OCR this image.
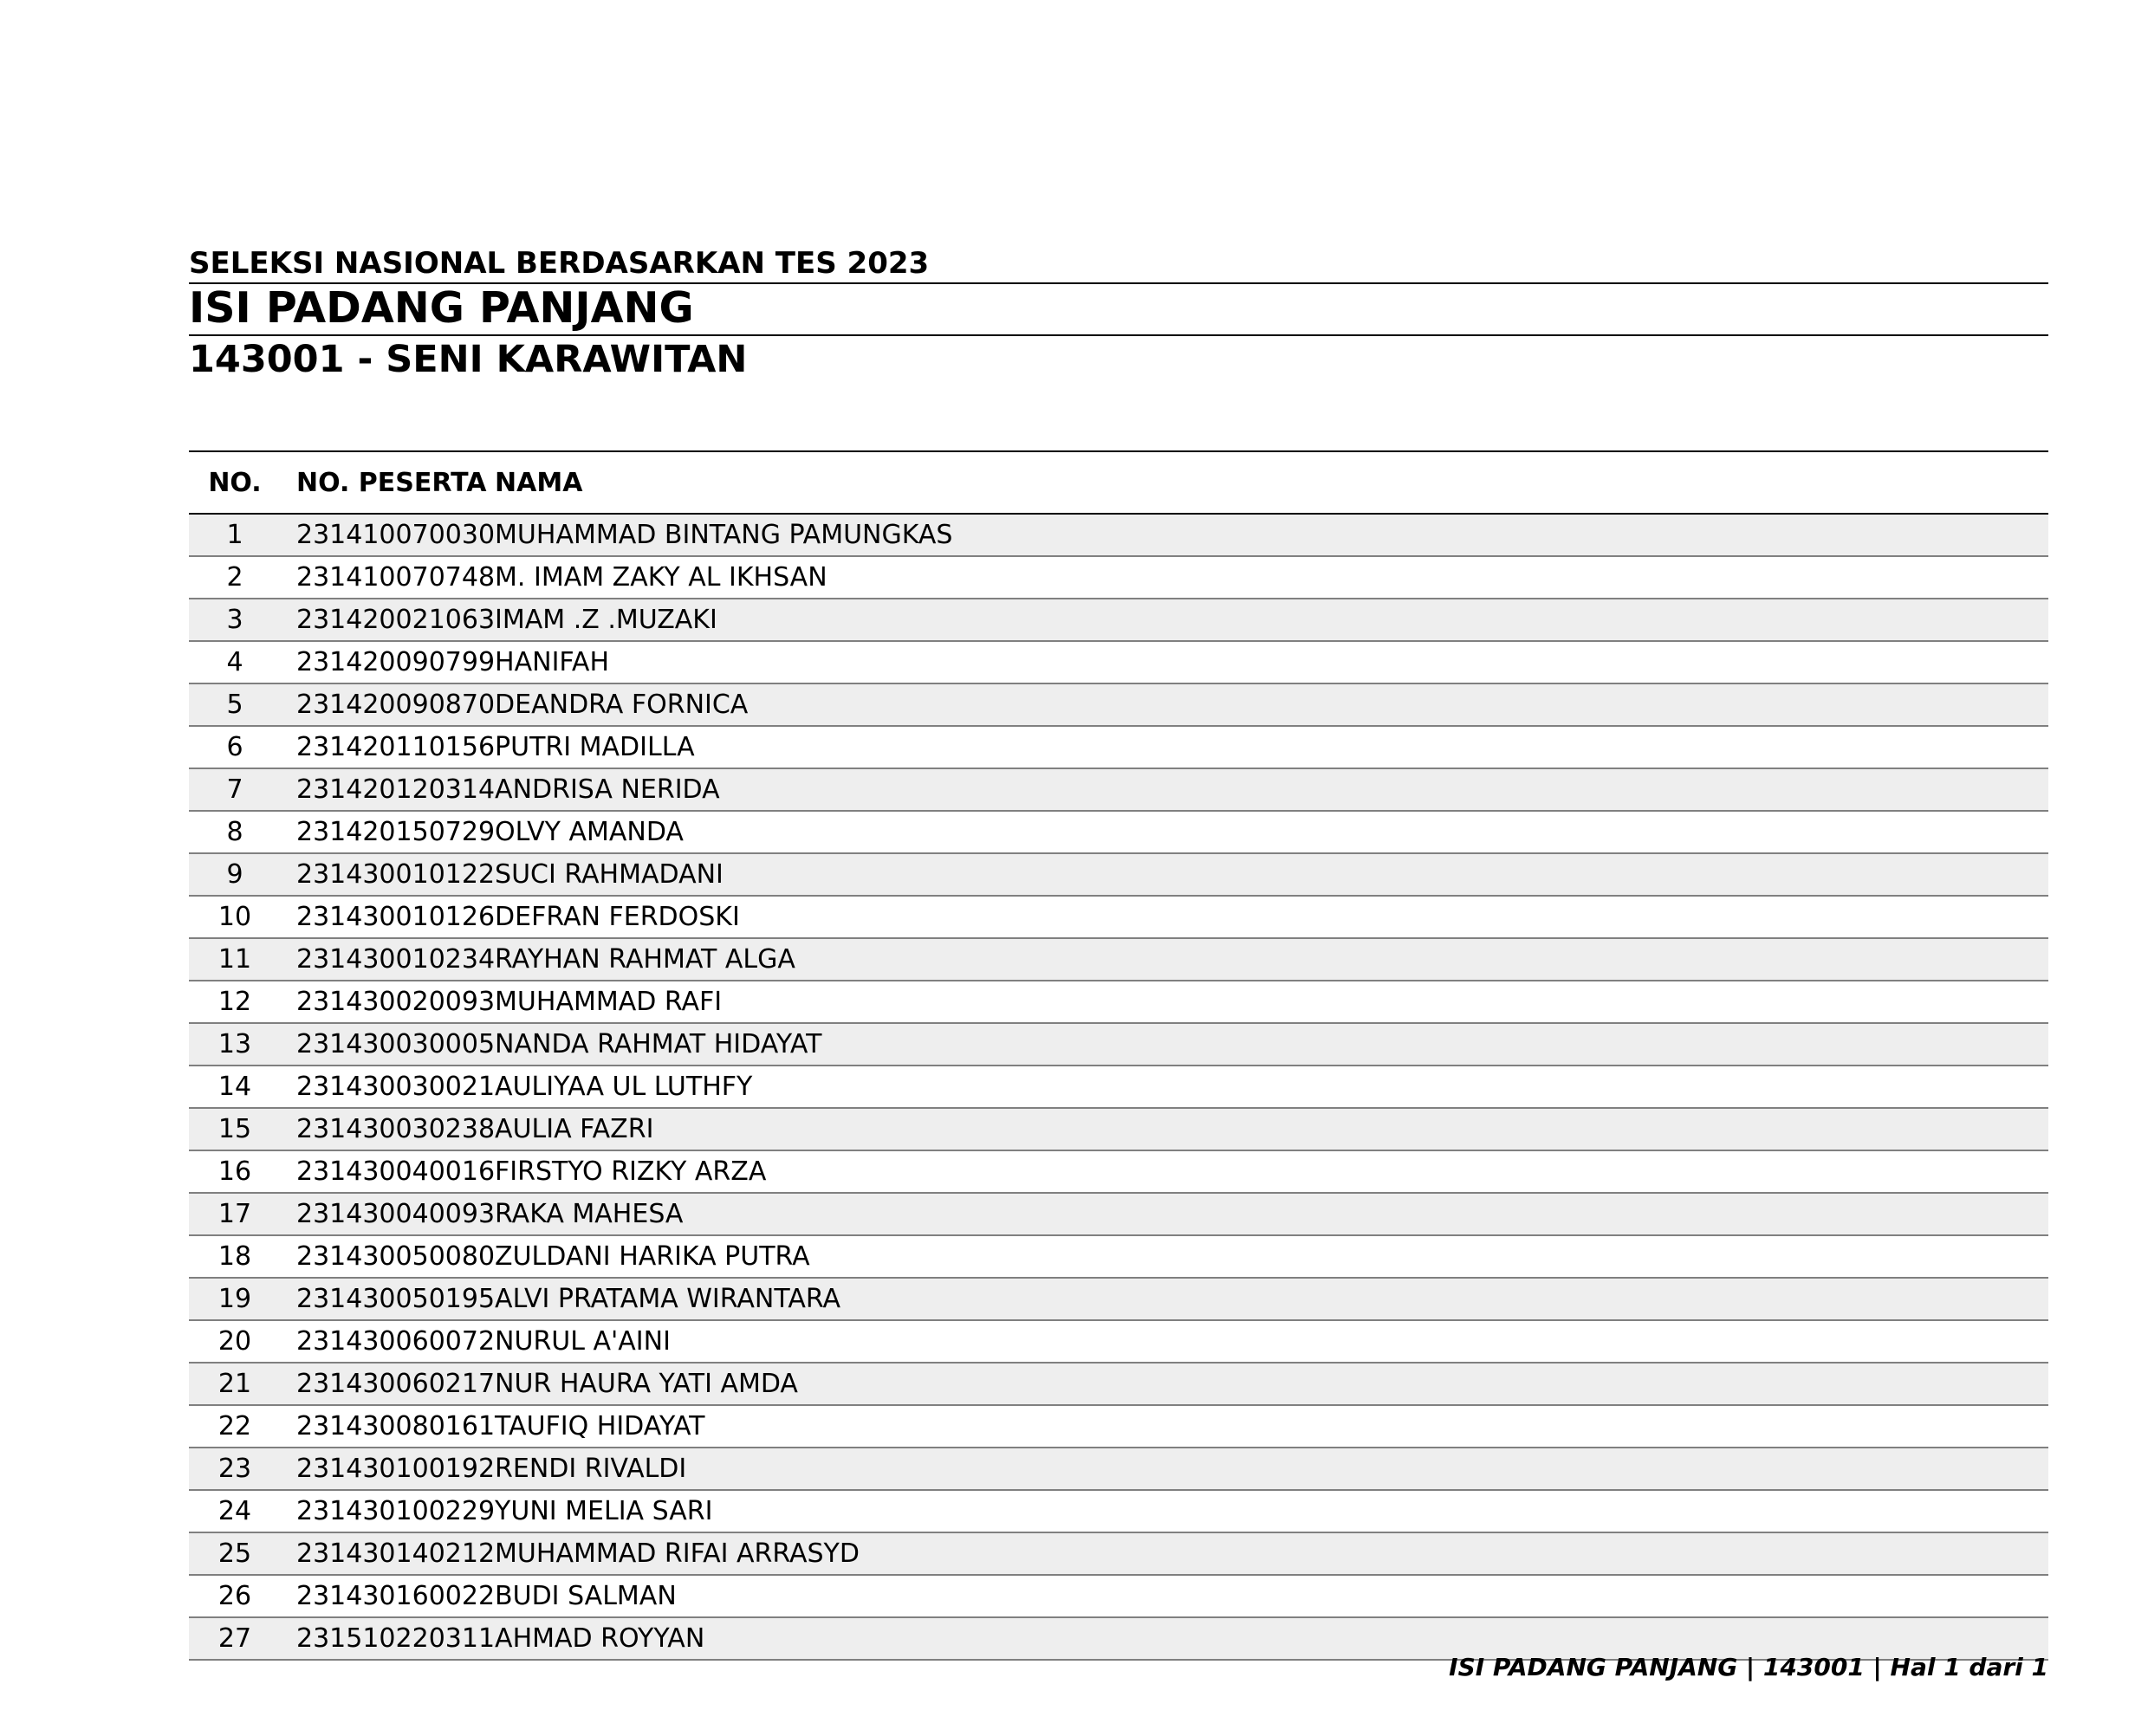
SELEKSI NASIONAL BERDASARKAN TES 2023
ISI PADANG PANJANG
143001 - SENI KARAWITAN
NO.	NO. PESERTA	NAMA
1	231410070030	MUHAMMAD BINTANG PAMUNGKAS
2	231410070748	M. IMAM ZAKY AL IKHSAN
3	231420021063	IMAM .Z .MUZAKI
4	231420090799	HANIFAH
5	231420090870	DEANDRA FORNICA
6	231420110156	PUTRI MADILLA
7	231420120314	ANDRISA NERIDA
8	231420150729	OLVY AMANDA
9	231430010122	SUCI RAHMADANI
10	231430010126	DEFRAN FERDOSKI
11	231430010234	RAYHAN RAHMAT ALGA
12	231430020093	MUHAMMAD RAFI
13	231430030005	NANDA RAHMAT HIDAYAT
14	231430030021	AULIYAA UL LUTHFY
15	231430030238	AULIA FAZRI
16	231430040016	FIRSTYO RIZKY ARZA
17	231430040093	RAKA MAHESA
18	231430050080	ZULDANI HARIKA PUTRA
19	231430050195	ALVI PRATAMA WIRANTARA
20	231430060072	NURUL A'AINI
21	231430060217	NUR HAURA YATI AMDA
22	231430080161	TAUFIQ HIDAYAT
23	231430100192	RENDI RIVALDI
24	231430100229	YUNI MELIA SARI
25	231430140212	MUHAMMAD RIFAI ARRASYD
26	231430160022	BUDI SALMAN
27	231510220311	AHMAD ROYYAN
ISI PADANG PANJANG | 143001 | Hal 1 dari 1
